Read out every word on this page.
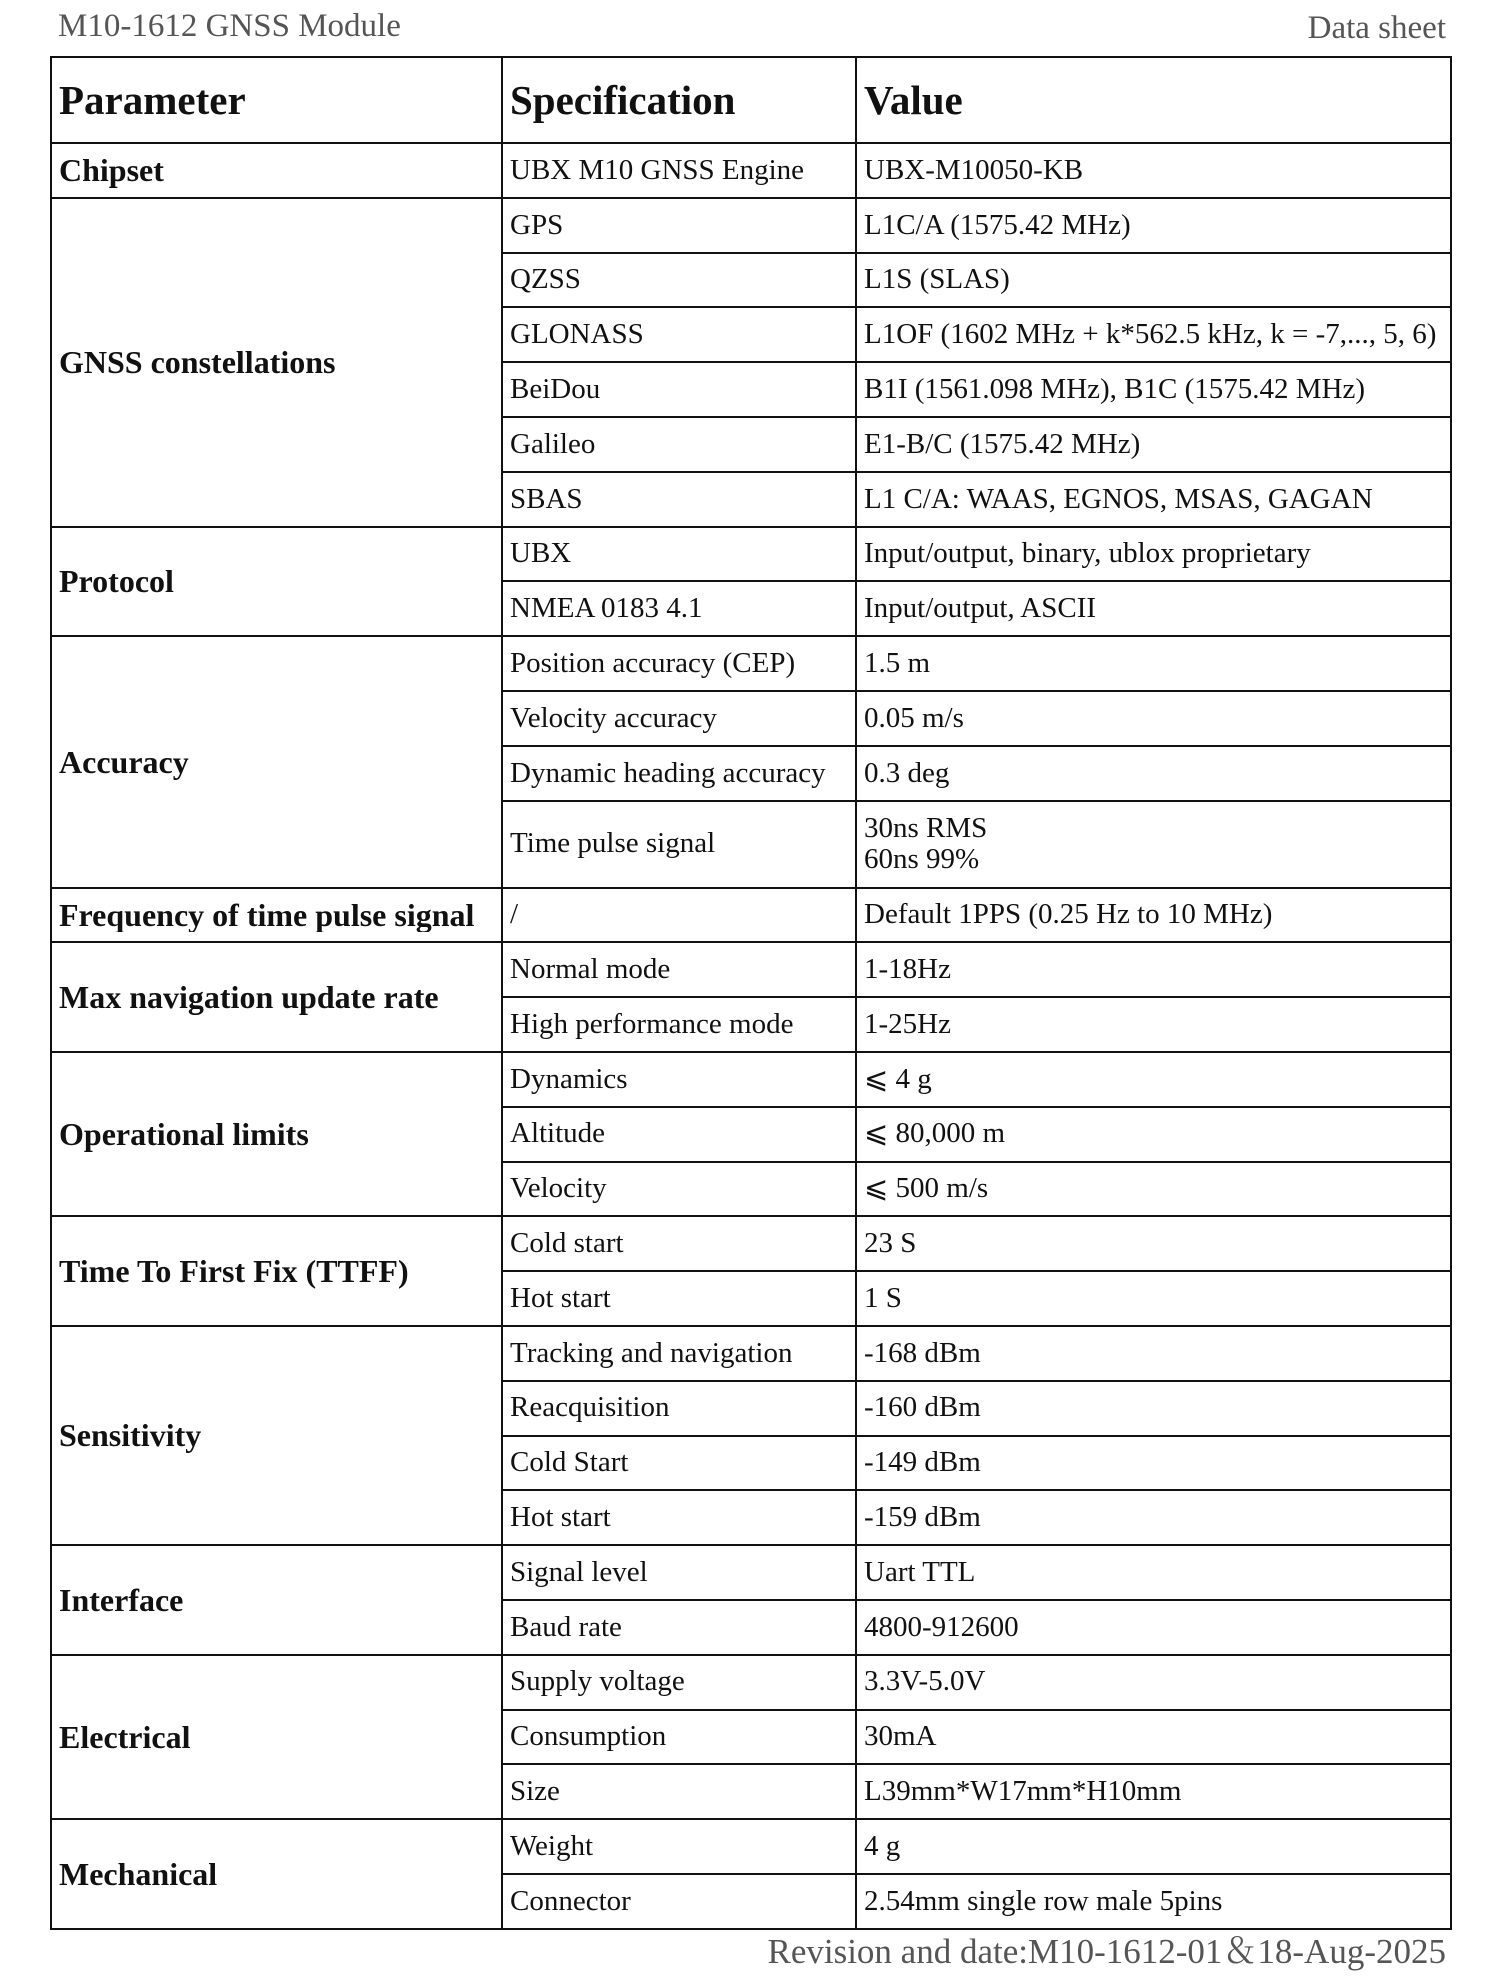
M10-1612 GNSS Module	Data sheet
Parameter	Specification	Value
Chipset	UBX M10 GNSS Engine	UBX-M10050-KB
GNSS constellations	GPS	L1C/A (1575.42 MHz)
	QZSS	L1S (SLAS)
	GLONASS	L1OF (1602 MHz + k*562.5 kHz, k = -7,..., 5, 6)

	BeiDou	B1I (1561.098 MHz), B1C (1575.42 MHz)
	Galileo	E1-B/C (1575.42 MHz)
	SBAS	L1 C/A: WAAS, EGNOS, MSAS, GAGAN
Protocol	UBX	Input/output, binary, ublox proprietary
	NMEA 0183 4.1	Input/output, ASCII
Accuracy	Position accuracy (CEP)	1.5 m
	Velocity accuracy	0.05 m/s
	Dynamic heading accuracy	0.3 deg
	Time pulse signal	30ns RMS
60ns 99%

Frequency of time pulse signal	/	Default 1PPS (0.25 Hz to 10 MHz)
Max navigation update rate	Normal mode	1-18Hz
	High performance mode	1-25Hz
Operational limits	Dynamics	⩽ 4 g
	Altitude	⩽ 80,000 m
	Velocity	⩽ 500 m/s
Time To First Fix (TTFF)	Cold start	23 S
	Hot start	1 S
Sensitivity	Tracking and navigation	-168 dBm
	Reacquisition	-160 dBm
	Cold Start	-149 dBm
	Hot start	-159 dBm
Interface	Signal level	Uart TTL
	Baud rate	4800-912600
Electrical	Supply voltage	3.3V-5.0V
	Consumption	30mA
	Size	L39mm*W17mm*H10mm
Mechanical	Weight	4 g
	Connector	2.54mm single row male 5pins
Revision and date:M10-1612-01＆18-Aug-2025
